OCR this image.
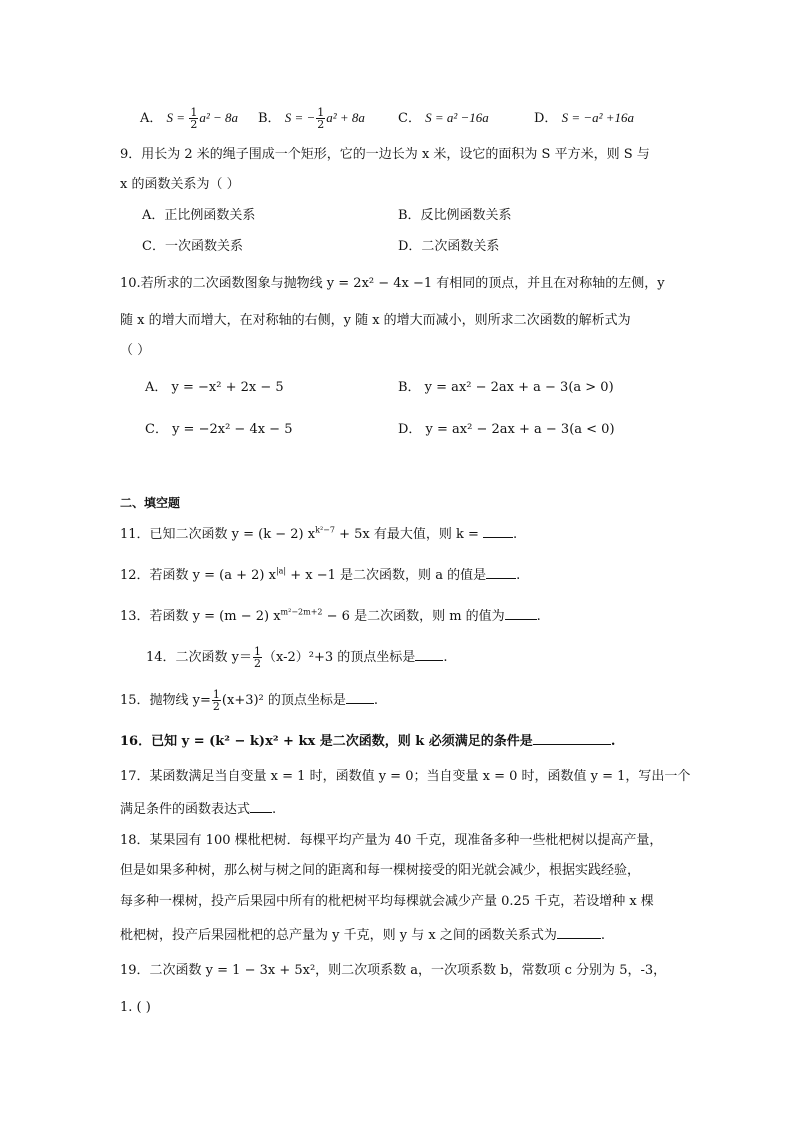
A． $S = \frac{1}{2} a^2 - 8a$ B． S = − $\frac{1}{2} a^2 + 8a$	C． S = a² −16a	D． S = −a² +16a
9．用长为 2 米的绳子围成一个矩形，它的一边长为 x 米，设它的面积为 S 平方米，则 S 与
x 的函数关系为（ ）
A．正比例函数关系	B．反比例函数关系
C．一次函数关系	D．二次函数关系
10.若所求的二次函数图象与抛物线 y = 2x² − 4x −1 有相同的顶点，并且在对称轴的左侧，y
随 x 的增大而增大，在对称轴的右侧，y 随 x 的增大而减小，则所求二次函数的解析式为
（ ）
A． y = −x² + 2x − 5	B． y = ax² − 2ax + a − 3(a > 0)
C． y = −2x² − 4x − 5	D． y = ax² − 2ax + a − 3(a < 0)
二、填空题
11．已知二次函数 y = (k − 2) $x^{k^2-7} + 5x$ 有最大值，则 k = .
12．若函数 y = (a + 2) $x^{|a|} + x -1$ 是二次函数，则 a 的值是 .
13．若函数 y = (m − 2) $x^{m^2-2m+2} - 6$ 是二次函数，则 m 的值为 .
14．二次函数 $y= \frac{1}{2} (x-2)^2+3$ 的顶点坐标是 .
15．抛物线 $y= \frac{1}{2} (x+3)^2$ 的顶点坐标是 .
16．已知 y = (k² − k)x² + kx 是二次函数，则 k 必须满足的条件是	.
17．某函数满足当自变量 x = 1 时，函数值 y = 0；当自变量 x = 0 时，函数值 y = 1，写出一个
满足条件的函数表达式 .
18．某果园有 100 棵枇杷树．每棵平均产量为 40 千克，现准备多种一些枇杷树以提高产量，
但是如果多种树，那么树与树之间的距离和每一棵树接受的阳光就会减少，根据实践经验，
每多种一棵树，投产后果园中所有的枇杷树平均每棵就会减少产量 0.25 千克，若设增种 x 棵
枇杷树，投产后果园枇杷的总产量为 y 千克，则 y 与 x 之间的函数关系式为	.
19．二次函数 y = 1 − 3x + 5x²，则二次项系数 a，一次项系数 b，常数项 c 分别为 5，-3，
1. ( )
